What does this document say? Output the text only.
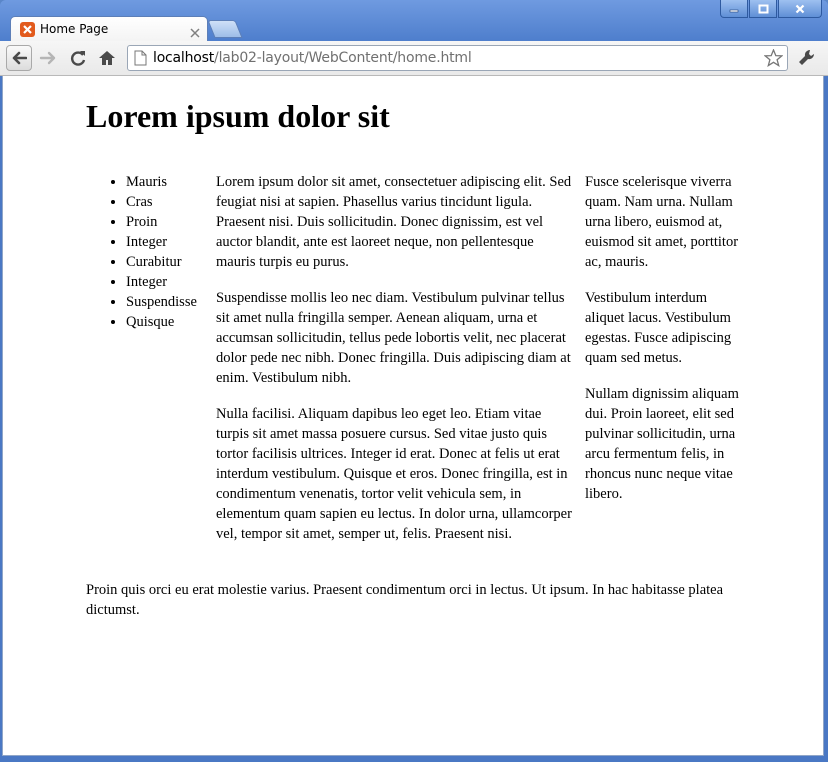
Home Page
localhost/lab02-layout/WebContent/home.html
Lorem ipsum dolor sit
• Mauris
• Cras
• Proin
• Integer
• Curabitur
• Integer
• Suspendisse
• Quisque

Lorem ipsum dolor sit amet, consectetuer adipiscing elit. Sed feugiat nisi at sapien. Phasellus varius tincidunt ligula. Praesent nisi. Duis sollicitudin. Donec dignissim, est vel auctor blandit, ante est laoreet neque, non pellentesque mauris turpis eu purus.

Suspendisse mollis leo nec diam. Vestibulum pulvinar tellus sit amet nulla fringilla semper. Aenean aliquam, urna et accumsan sollicitudin, tellus pede lobortis velit, nec placerat dolor pede nec nibh. Donec fringilla. Duis adipiscing diam at enim. Vestibulum nibh.

Nulla facilisi. Aliquam dapibus leo eget leo. Etiam vitae turpis sit amet massa posuere cursus. Sed vitae justo quis tortor facilisis ultrices. Integer id erat. Donec at felis ut erat interdum vestibulum. Quisque et eros. Donec fringilla, est in condimentum venenatis, tortor velit vehicula sem, in elementum quam sapien eu lectus. In dolor urna, ullamcorper vel, tempor sit amet, semper ut, felis. Praesent nisi.

Fusce scelerisque viverra quam. Nam urna. Nullam urna libero, euismod at, euismod sit amet, porttitor ac, mauris.

Vestibulum interdum aliquet lacus. Vestibulum egestas. Fusce adipiscing quam sed metus.

Nullam dignissim aliquam dui. Proin laoreet, elit sed pulvinar sollicitudin, urna arcu fermentum felis, in rhoncus nunc neque vitae libero.

Proin quis orci eu erat molestie varius. Praesent condimentum orci in lectus. Ut ipsum. In hac habitasse platea dictumst.
